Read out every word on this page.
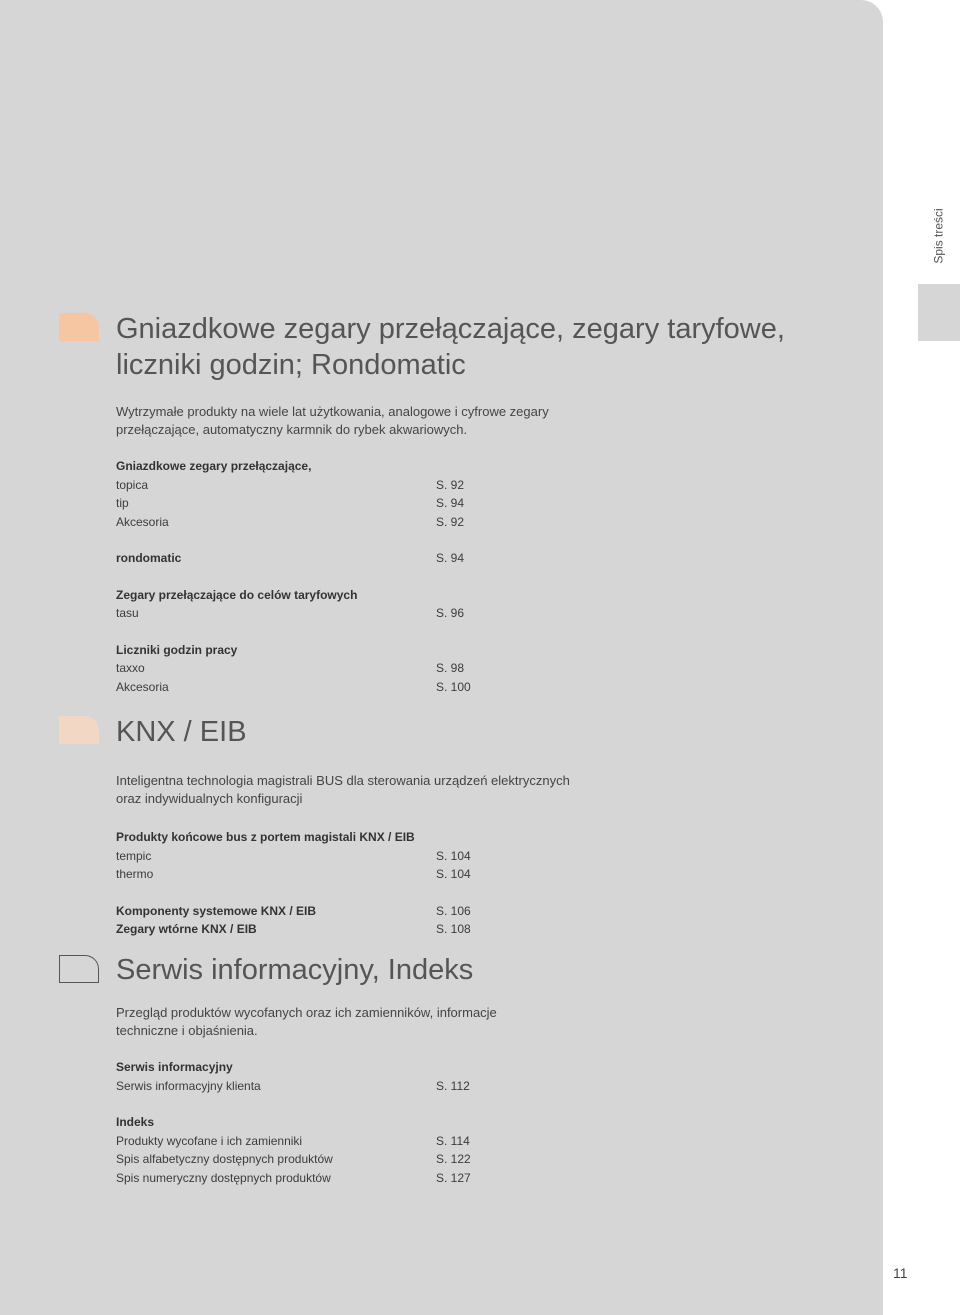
Spis treści
Gniazdkowe zegary przełączające, zegary taryfowe,
liczniki godzin; Rondomatic
Wytrzymałe produkty na wiele lat użytkowania, analogowe i cyfrowe zegary
przełączające, automatyczny karmnik do rybek akwariowych.
Gniazdkowe zegary przełączające,
topica	S. 92
tip	S. 94
Akcesoria	S. 92
rondomatic	S. 94
Zegary przełączające do celów taryfowych
tasu	S. 96
Liczniki godzin pracy
taxxo	S. 98
Akcesoria	S. 100
KNX / EIB
Inteligentna technologia magistrali BUS dla sterowania urządzeń elektrycznych
oraz indywidualnych konfiguracji
Produkty końcowe bus z portem magistali KNX / EIB
tempic	S. 104
thermo	S. 104
Komponenty systemowe KNX / EIB	S. 106
Zegary wtórne KNX / EIB	S. 108
Serwis informacyjny, Indeks
Przegląd produktów wycofanych oraz ich zamienników, informacje
techniczne i objaśnienia.
Serwis informacyjny
Serwis informacyjny klienta	S. 112
Indeks
Produkty wycofane i ich zamienniki	S. 114
Spis alfabetyczny dostępnych produktów	S. 122
Spis numeryczny dostępnych produktów	S. 127
11
